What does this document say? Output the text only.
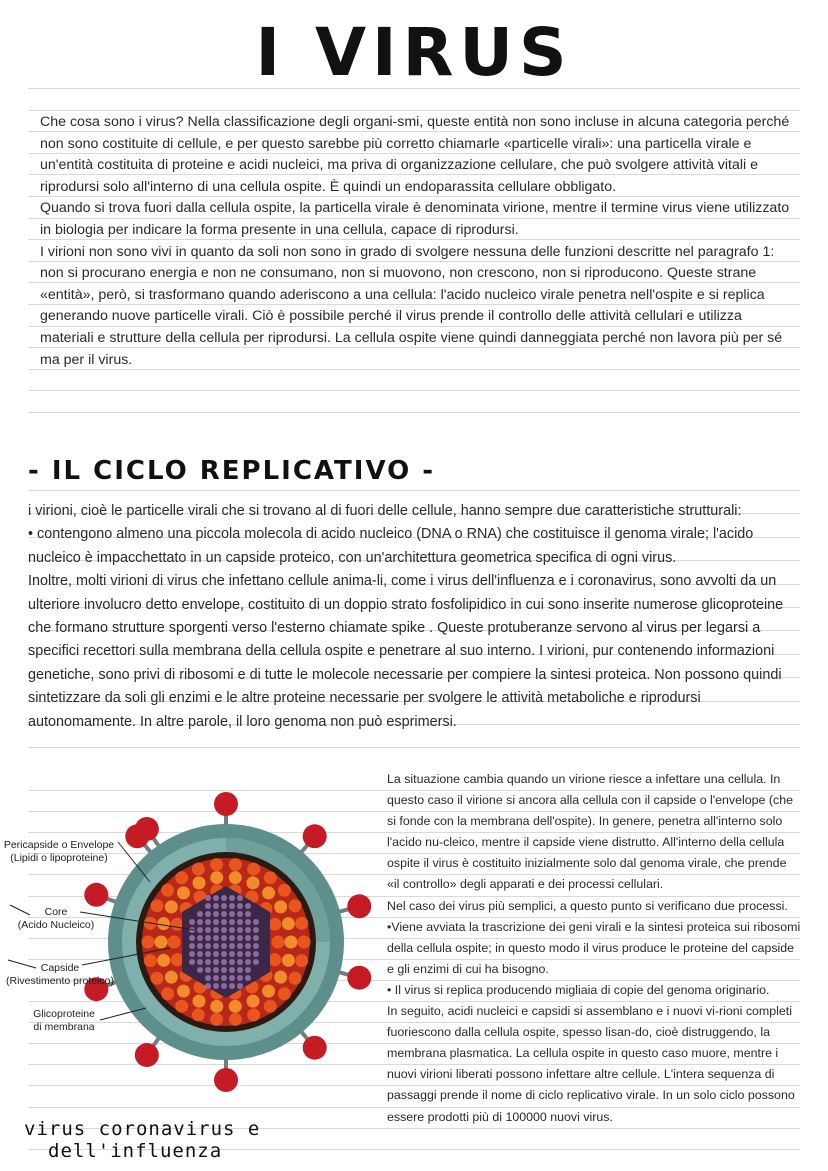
I VIRUS

Che cosa sono i virus? Nella classificazione degli organi-smi, queste entità non sono incluse in alcuna categoria perché non sono costituite di cellule, e per questo sarebbe più corretto chiamarle «particelle virali»: una particella virale e un'entità costituita di proteine e acidi nucleici, ma priva di organizzazione cellulare, che può svolgere attività vitali e riprodursi solo all'interno di una cellula ospite. È quindi un endoparassita cellulare obbligato.

Quando si trova fuori dalla cellula ospite, la particella virale è denominata virione, mentre il termine virus viene utilizzato in biologia per indicare la forma presente in una cellula, capace di riprodursi.

I virioni non sono vivi in quanto da soli non sono in grado di svolgere nessuna delle funzioni descritte nel paragrafo 1: non si procurano energia e non ne consumano, non si muovono, non crescono, non si riproducono. Queste strane «entità», però, si trasformano quando aderiscono a una cellula: l'acido nucleico virale penetra nell'ospite e si replica generando nuove particelle virali. Ciò è possibile perché il virus prende il controllo delle attività cellulari e utilizza materiali e strutture della cellula per riprodursi. La cellula ospite viene quindi danneggiata perché non lavora più per sé ma per il virus.

- IL CICLO REPLICATIVO -

i virioni, cioè le particelle virali che si trovano al di fuori delle cellule, hanno sempre due caratteristiche strutturali:

• contengono almeno una piccola molecola di acido nucleico (DNA o RNA) che costituisce il genoma virale; l'acido nucleico è impacchettato in un capside proteico, con un'architettura geometrica specifica di ogni virus.

Inoltre, molti virioni di virus che infettano cellule anima-li, come i virus dell'influenza e i coronavirus, sono avvolti da un ulteriore involucro detto envelope, costituito di un doppio strato fosfolipidico in cui sono inserite numerose glicoproteine che formano strutture sporgenti verso l'esterno chiamate spike . Queste protuberanze servono al virus per legarsi a specifici recettori sulla membrana della cellula ospite e penetrare al suo interno. I virioni, pur contenendo informazioni genetiche, sono privi di ribosomi e di tutte le molecole necessarie per compiere la sintesi proteica. Non possono quindi sintetizzare da soli gli enzimi e le altre proteine necessarie per svolgere le attività metaboliche e riprodursi autonomamente. In altre parole, il loro genoma non può esprimersi.

La situazione cambia quando un virione riesce a infettare una cellula. In questo caso il virione si ancora alla cellula con il capside o l'envelope (che si fonde con la membrana dell'ospite). In genere, penetra all'interno solo l'acido nu-cleico, mentre il capside viene distrutto. All'interno della cellula ospite il virus è costituito inizialmente solo dal genoma virale, che prende «il controllo» degli apparati e dei processi cellulari.

Nel caso dei virus più semplici, a questo punto si verificano due processi.

•Viene avviata la trascrizione dei geni virali e la sintesi proteica sui ribosomi della cellula ospite; in questo modo il virus produce le proteine del capside e gli enzimi di cui ha bisogno.

• Il virus si replica producendo migliaia di copie del genoma originario.

In seguito, acidi nucleici e capsidi si assemblano e i nuovi vi-rioni completi fuoriescono dalla cellula ospite, spesso lisan-do, cioè distruggendo, la membrana plasmatica. La cellula ospite in questo caso muore, mentre i nuovi virioni liberati possono infettare altre cellule. L'intera sequenza di passaggi prende il nome di ciclo replicativo virale. In un solo ciclo possono essere prodotti più di 100000 nuovi virus.

Pericapside o Envelope
(Lipidi o lipoproteine)
Core
(Acido Nucleico)
Capside
(Rivestimento proteico)
Glicoproteine
di membrana
virus coronavirus e
dell'influenza
